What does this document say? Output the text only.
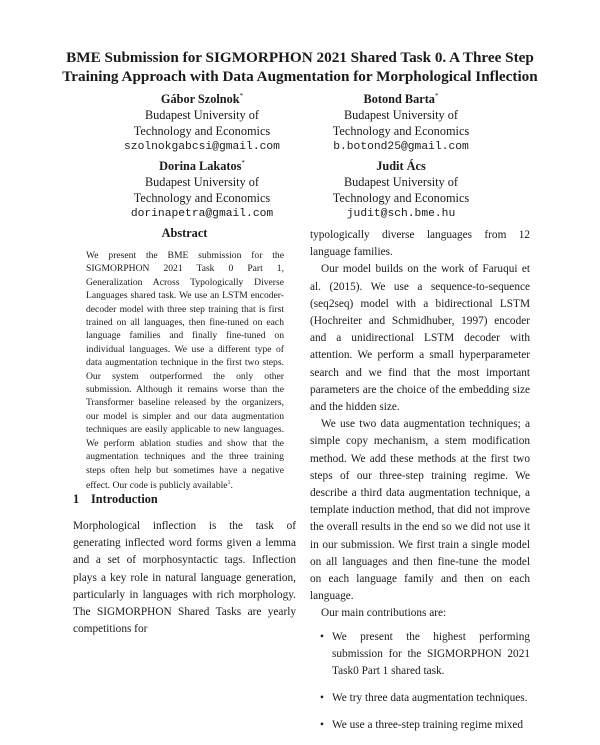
BME Submission for SIGMORPHON 2021 Shared Task 0. A Three Step
Training Approach with Data Augmentation for Morphological Inflection
Gábor Szolnok*
Budapest University of
Technology and Economics
szolnokgabcsi@gmail.com
Botond Barta*
Budapest University of
Technology and Economics
b.botond25@gmail.com
Dorina Lakatos*
Budapest University of
Technology and Economics
dorinapetra@gmail.com
Judit Ács
Budapest University of
Technology and Economics
judit@sch.bme.hu
Abstract
We present the BME submission for the SIGMORPHON 2021 Task 0 Part 1, Generalization Across Typologically Diverse Languages shared task. We use an LSTM encoder-decoder model with three step training that is first trained on all languages, then fine-tuned on each language families and finally fine-tuned on individual languages. We use a different type of data augmentation technique in the first two steps. Our system outperformed the only other submission. Although it remains worse than the Transformer baseline released by the organizers, our model is simpler and our data augmentation techniques are easily applicable to new languages. We perform ablation studies and show that the augmentation techniques and the three training steps often help but sometimes have a negative effect. Our code is publicly available$^1$.
1 Introduction
Morphological inflection is the task of generating inflected word forms given a lemma and a set of morphosyntactic tags. Inflection plays a key role in natural language generation, particularly in languages with rich morphology. The SIGMORPHON Shared Tasks are yearly competitions for

typologically diverse languages from 12 language families.

Our model builds on the work of Faruqui et al. (2015). We use a sequence-to-sequence (seq2seq) model with a bidirectional LSTM (Hochreiter and Schmidhuber, 1997) encoder and a unidirectional LSTM decoder with attention. We perform a small hyperparameter search and we find that the most important parameters are the choice of the embedding size and the hidden size.

We use two data augmentation techniques; a simple copy mechanism, a stem modification method. We add these methods at the first two steps of our three-step training regime. We describe a third data augmentation technique, a template induction method, that did not improve the overall results in the end so we did not use it in our submission. We first train a single model on all languages and then fine-tune the model on each language family and then on each language.

Our main contributions are:

• We present the highest performing submission for the SIGMORPHON 2021 Task0 Part 1 shared task.
• We try three data augmentation techniques.
• We use a three-step training regime mixed
